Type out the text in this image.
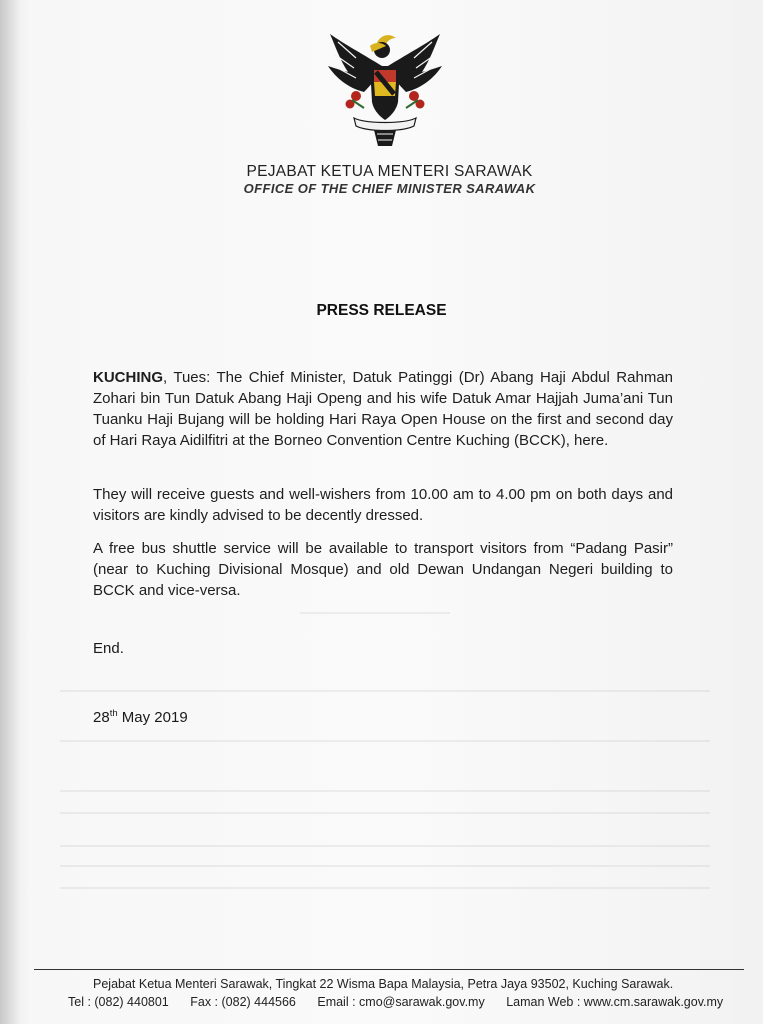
PEJABAT KETUA MENTERI SARAWAK
OFFICE OF THE CHIEF MINISTER SARAWAK
PRESS RELEASE
KUCHING, Tues: The Chief Minister, Datuk Patinggi (Dr) Abang Haji Abdul Rahman Zohari bin Tun Datuk Abang Haji Openg and his wife Datuk Amar Hajjah Juma’ani Tun Tuanku Haji Bujang will be holding Hari Raya Open House on the first and second day of Hari Raya Aidilfitri at the Borneo Convention Centre Kuching (BCCK), here.
They will receive guests and well-wishers from 10.00 am to 4.00 pm on both days and visitors are kindly advised to be decently dressed.
A free bus shuttle service will be available to transport visitors from “Padang Pasir” (near to Kuching Divisional Mosque) and old Dewan Undangan Negeri building to BCCK and vice-versa.
End.
28th May 2019
Pejabat Ketua Menteri Sarawak, Tingkat 22 Wisma Bapa Malaysia, Petra Jaya 93502, Kuching Sarawak.
Tel : (082) 440801 Fax : (082) 444566 Email : cmo@sarawak.gov.my Laman Web : www.cm.sarawak.gov.my
